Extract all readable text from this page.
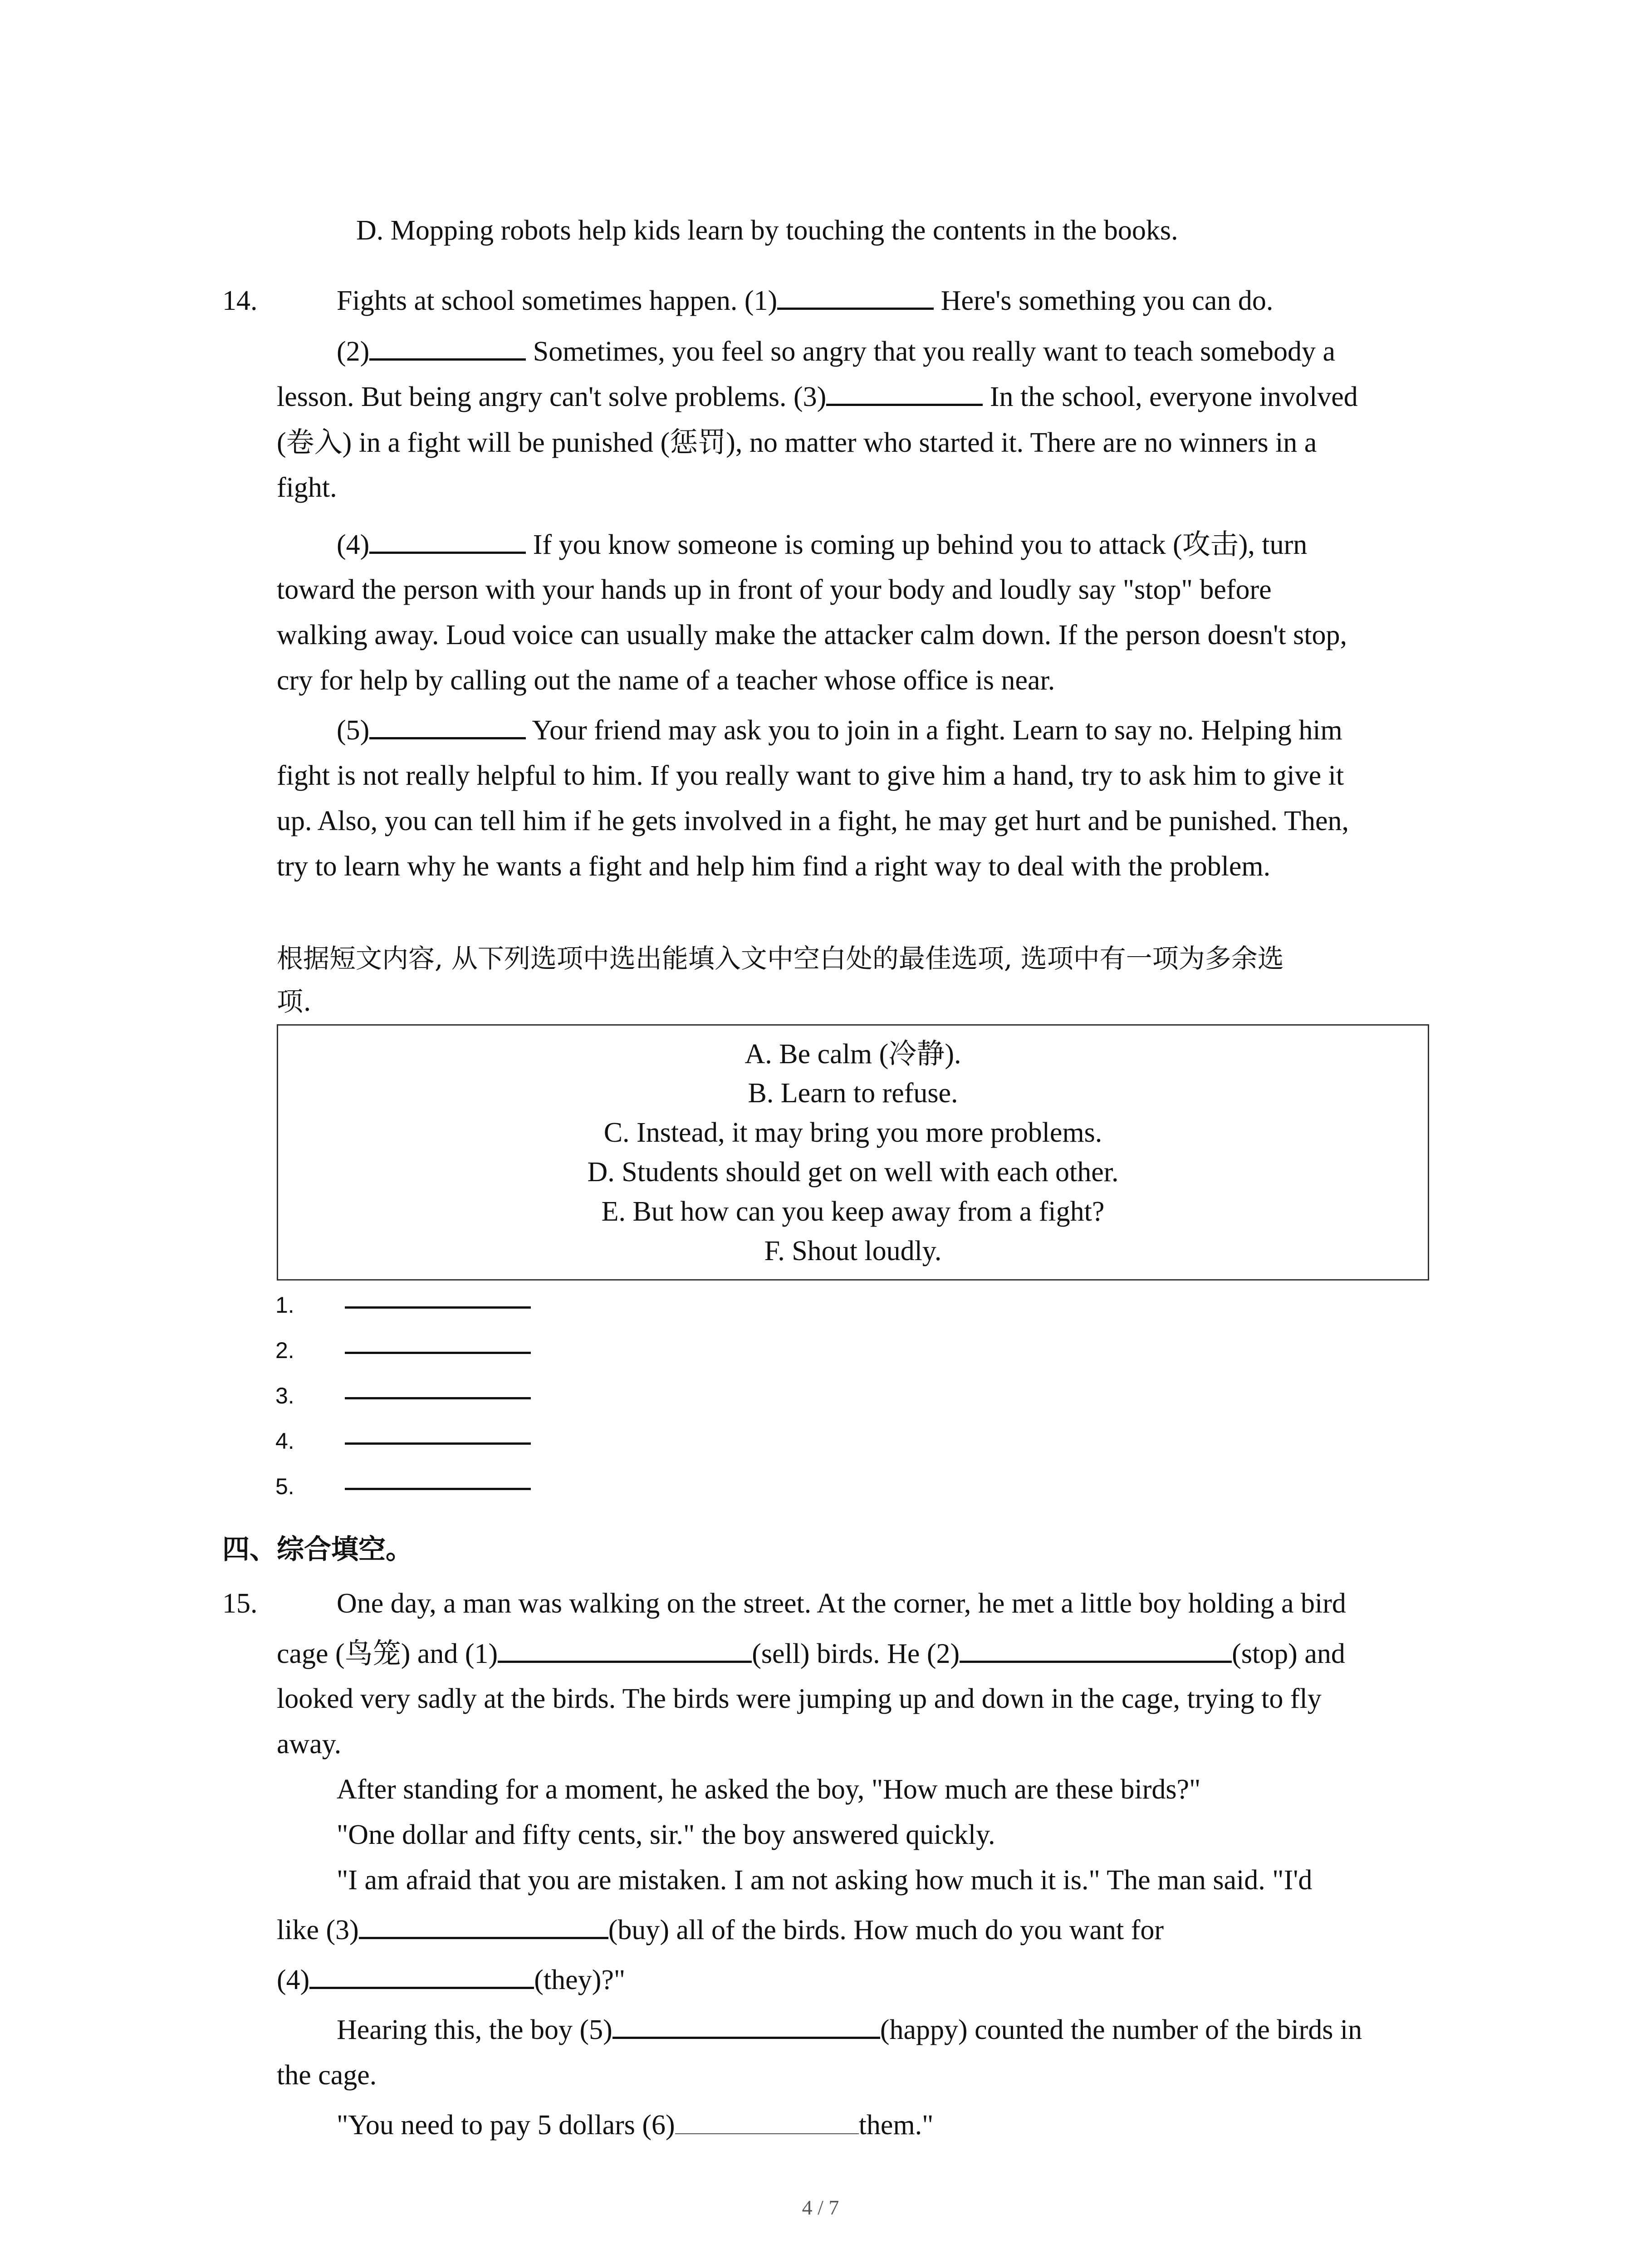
D. Mopping robots help kids learn by touching the contents in the books.
14.	Fights at school sometimes happen. (1)	Here's something you can do.
(2)	Sometimes, you feel so angry that you really want to teach somebody a
lesson. But being angry can't solve problems. (3)	In the school, everyone involved
(卷入) in a fight will be punished (惩罚), no matter who started it. There are no winners in a
fight.
(4)	If you know someone is coming up behind you to attack (攻击), turn
toward the person with your hands up in front of your body and loudly say "stop" before
walking away. Loud voice can usually make the attacker calm down. If the person doesn't stop,
cry for help by calling out the name of a teacher whose office is near.
(5)	Your friend may ask you to join in a fight. Learn to say no. Helping him
fight is not really helpful to him. If you really want to give him a hand, try to ask him to give it
up. Also, you can tell him if he gets involved in a fight, he may get hurt and be punished. Then,
try to learn why he wants a fight and help him find a right way to deal with the problem.
根据短文内容, 从下列选项中选出能填入文中空白处的最佳选项, 选项中有一项为多余选
项.
A. Be calm (冷静).
B. Learn to refuse.
C. Instead, it may bring you more problems.
D. Students should get on well with each other.
E. But how can you keep away from a fight?
F. Shout loudly.
1.
2.
3.
4.
5.
四、综合填空。
15.	One day, a man was walking on the street. At the corner, he met a little boy holding a bird
cage (鸟笼) and (1)	(sell) birds. He (2)	(stop) and
looked very sadly at the birds. The birds were jumping up and down in the cage, trying to fly
away.
After standing for a moment, he asked the boy, "How much are these birds?"
"One dollar and fifty cents, sir." the boy answered quickly.
"I am afraid that you are mistaken. I am not asking how much it is." The man said. "I'd
like (3)	(buy) all of the birds. How much do you want for
(4)	(they)?"
Hearing this, the boy (5)	(happy) counted the number of the birds in
the cage.
"You need to pay 5 dollars (6)	them."
4 / 7
